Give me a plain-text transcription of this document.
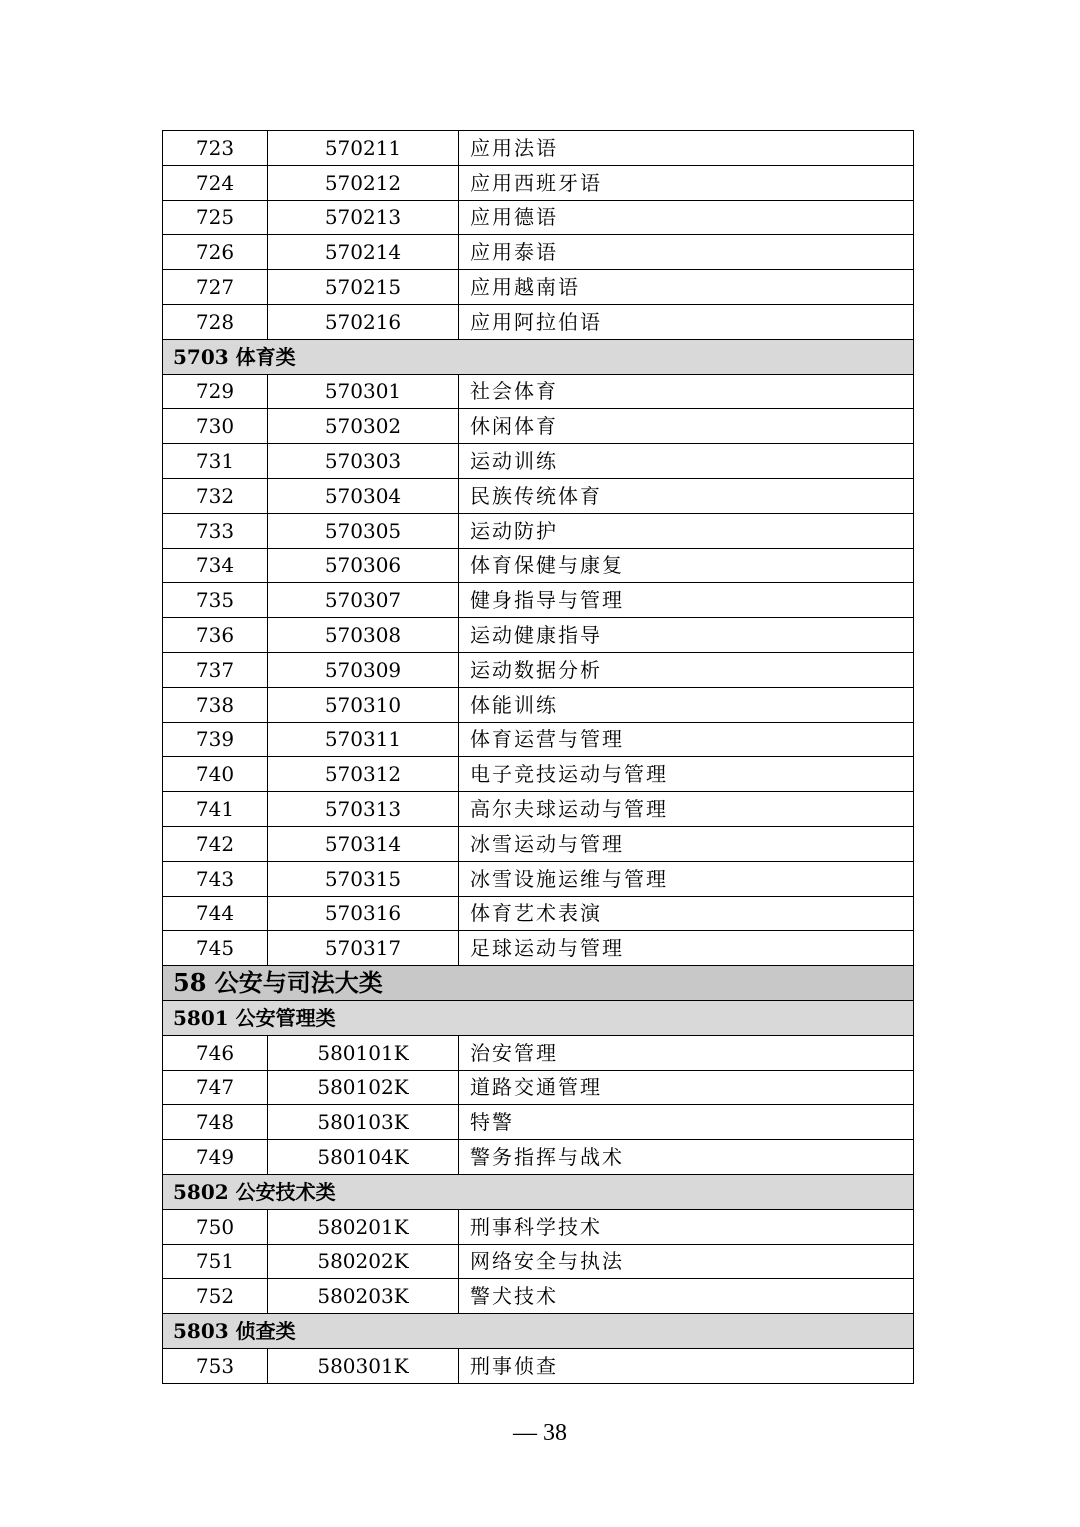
723	570211	应用法语
724	570212	应用西班牙语
725	570213	应用德语
726	570214	应用泰语
727	570215	应用越南语
728	570216	应用阿拉伯语
5703 体育类		
729	570301	社会体育
730	570302	休闲体育
731	570303	运动训练
732	570304	民族传统体育
733	570305	运动防护
734	570306	体育保健与康复
735	570307	健身指导与管理
736	570308	运动健康指导
737	570309	运动数据分析
738	570310	体能训练
739	570311	体育运营与管理
740	570312	电子竞技运动与管理
741	570313	高尔夫球运动与管理
742	570314	冰雪运动与管理
743	570315	冰雪设施运维与管理
744	570316	体育艺术表演
745	570317	足球运动与管理
58 公安与司法大类		
5801 公安管理类		
746	580101K	治安管理
747	580102K	道路交通管理
748	580103K	特警
749	580104K	警务指挥与战术
5802 公安技术类		
750	580201K	刑事科学技术
751	580202K	网络安全与执法
752	580203K	警犬技术
5803 侦查类		
753	580301K	刑事侦查
— 38
